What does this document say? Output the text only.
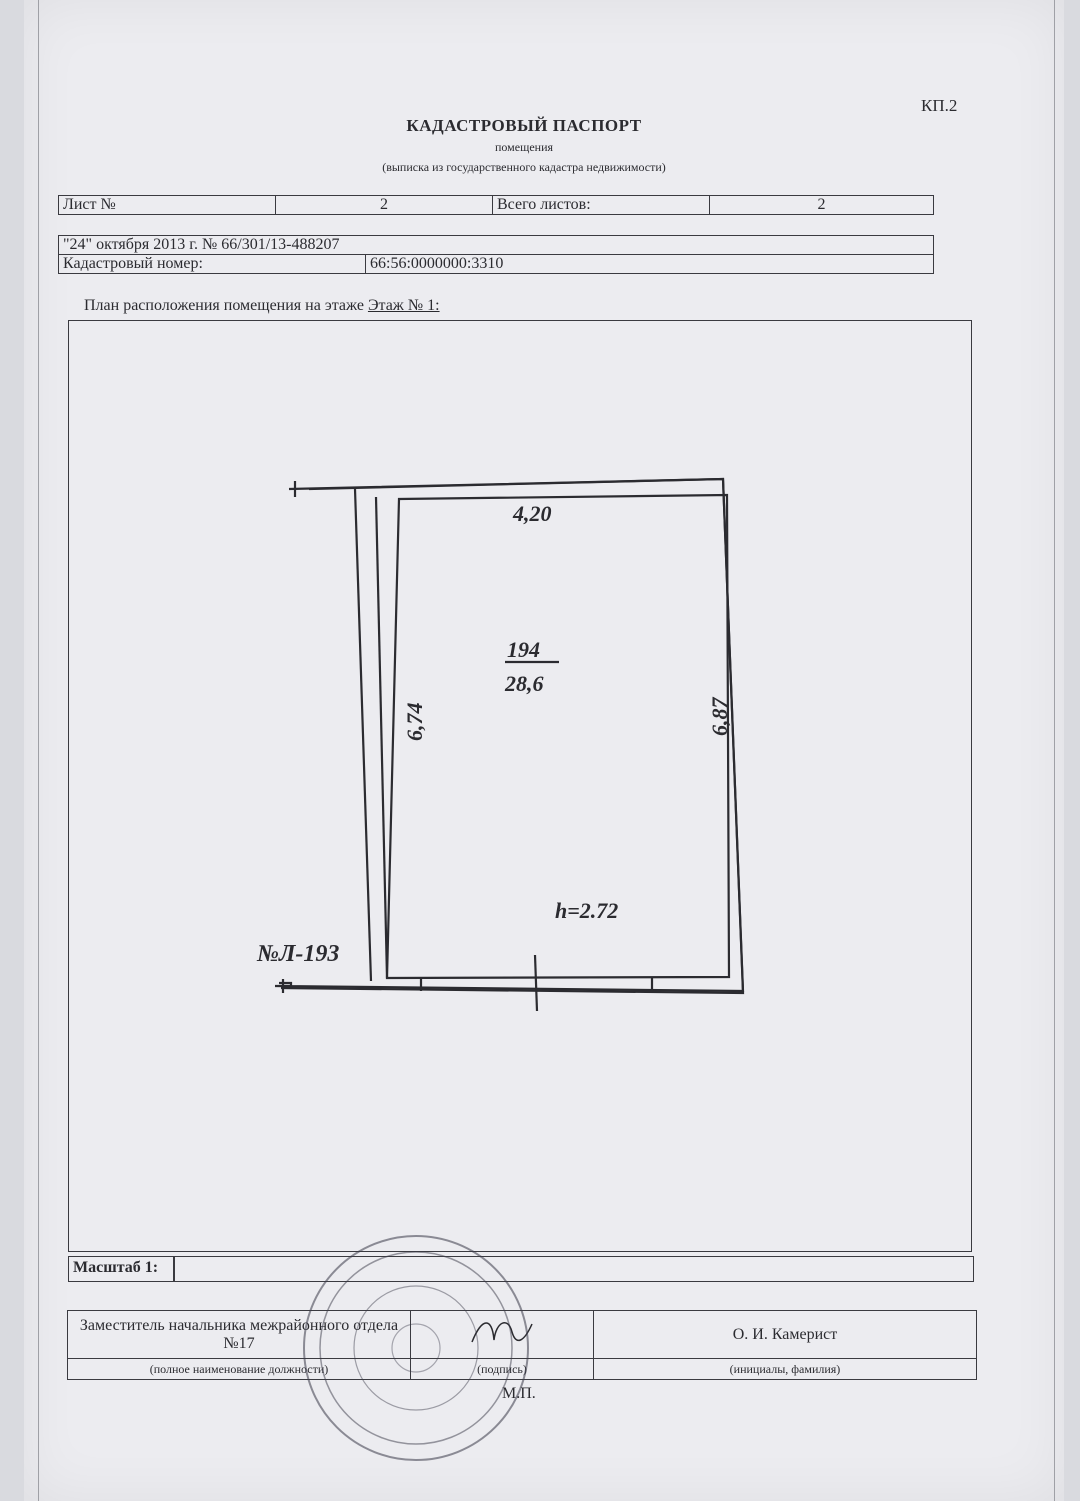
КП.2
КАДАСТРОВЫЙ ПАСПОРТ
помещения
(выписка из государственного кадастра недвижимости)
Лист №	2	Всего листов:	2
"24" октября 2013 г. № 66/301/13-488207
Кадастровый номер:	66:56:0000000:3310
План расположения помещения на этаже Этаж № 1:
4,20
194
28,6
6,74	6,87
h=2.72
№Л-193
Масштаб 1:
Заместитель начальника межрайонного отдела №17		О. И. Камерист
(полное наименование должности)	(подпись)	(инициалы, фамилия)
М.П.
